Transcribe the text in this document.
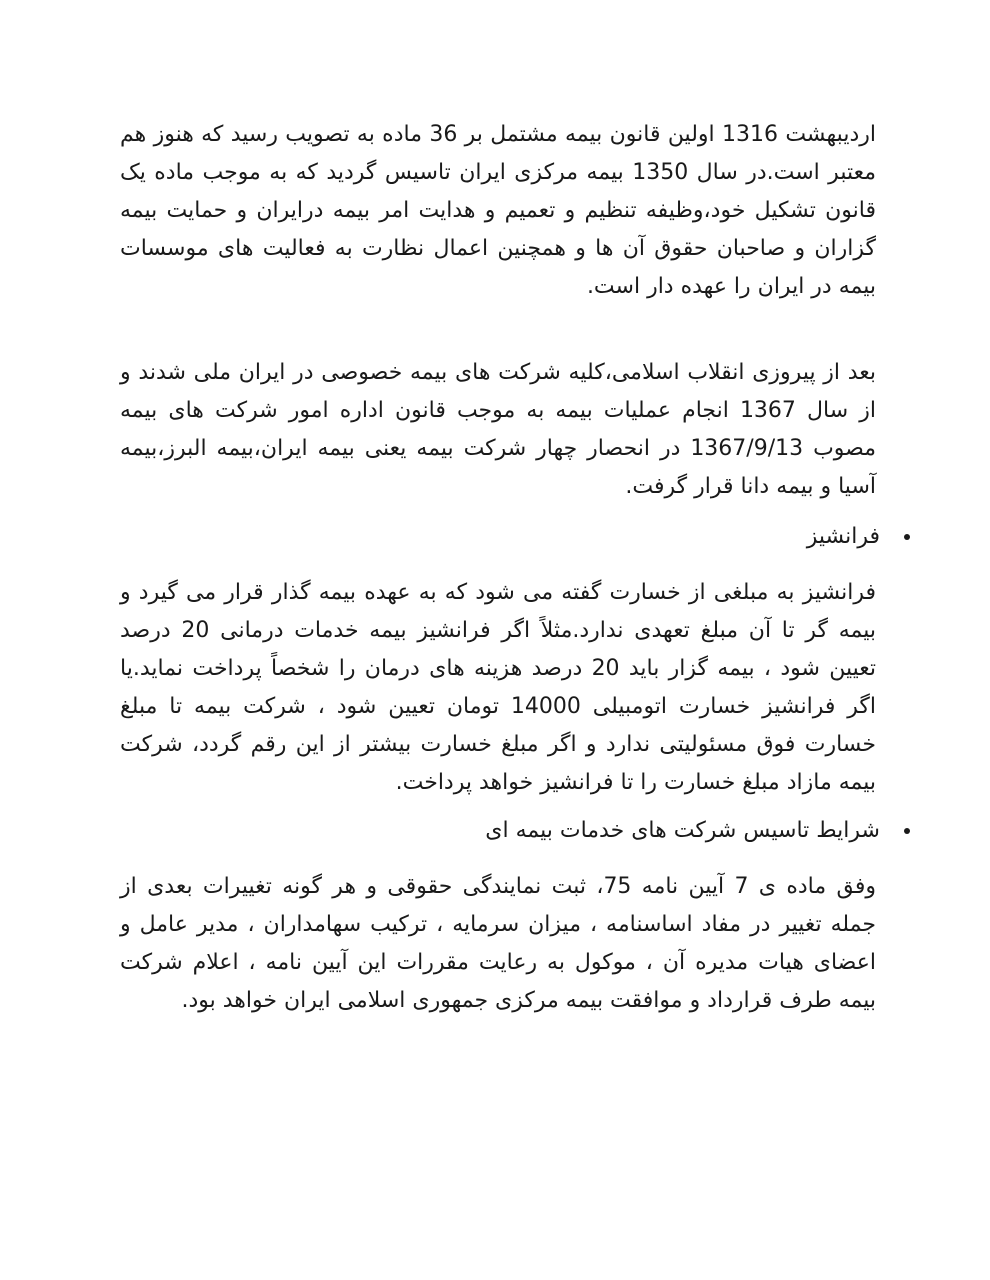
اردیبهشت 1316 اولین قانون بیمه مشتمل بر 36 ماده به تصویب رسید که هنوز هم معتبر است.در سال 1350 بیمه مرکزی ایران تاسیس گردید که به موجب ماده یک قانون تشکیل خود،وظیفه تنظیم و تعمیم و هدایت امر بیمه درایران و حمایت بیمه گزاران و صاحبان حقوق آن ها و همچنین اعمال نظارت به فعالیت های موسسات بیمه در ایران را عهده دار است.

بعد از پیروزی انقلاب اسلامی،کلیه شرکت های بیمه خصوصی در ایران ملی شدند و از سال 1367 انجام عملیات بیمه به موجب قانون اداره امور شرکت های بیمه مصوب 1367/9/13 در انحصار چهار شرکت بیمه یعنی بیمه ایران،بیمه البرز،بیمه آسیا و بیمه دانا قرار گرفت.

فرانشیز

فرانشیز به مبلغی از خسارت گفته می شود که به عهده بیمه گذار قرار می گیرد و بیمه گر تا آن مبلغ تعهدی ندارد.مثلاً اگر فرانشیز بیمه خدمات درمانی 20 درصد تعیین شود ، بیمه گزار باید 20 درصد هزینه های درمان را شخصاً پرداخت نماید.یا اگر فرانشیز خسارت اتومبیلی 14000 تومان تعیین شود ، شرکت بیمه تا مبلغ خسارت فوق مسئولیتی ندارد و اگر مبلغ خسارت بیشتر از این رقم گردد، شرکت بیمه مازاد مبلغ خسارت را تا فرانشیز خواهد پرداخت.

شرایط تاسیس شرکت های خدمات بیمه ای

وفق ماده ی 7 آیین نامه 75، ثبت نمایندگی حقوقی و هر گونه تغییرات بعدی از جمله تغییر در مفاد اساسنامه ، میزان سرمایه ، ترکیب سهامداران ، مدیر عامل و اعضای هیات مدیره آن ، موکول به رعایت مقررات این آیین نامه ، اعلام شرکت بیمه طرف قرارداد و موافقت بیمه مرکزی جمهوری اسلامی ایران خواهد بود.
